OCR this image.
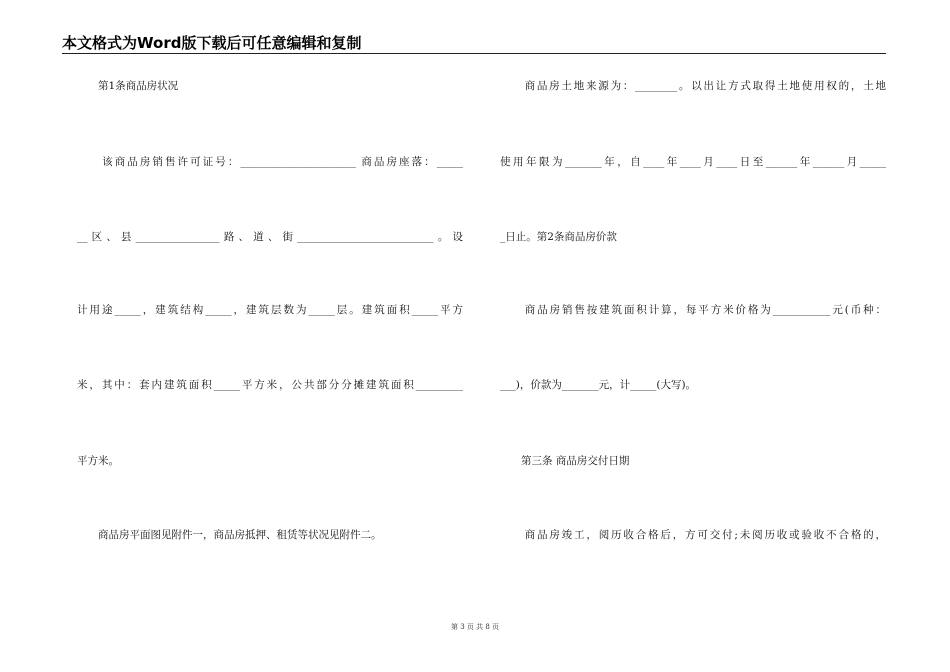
本文格式为Word版下载后可任意编辑和复制
　　第1条商品房状况
　　该商品房销售许可证号：______________________ 商品房座落：_____
__区、县________________路、道、街__________________________。设
计用途_____，建筑结构_____，建筑层数为_____层。建筑面积_____平方
米，其中：套内建筑面积_____平方米，公共部分分摊建筑面积_________
平方米。
　　商品房平面图见附件一，商品房抵押、租赁等状况见附件二。
　　商品房土地来源为：________。以出让方式取得土地使用权的，土地
使用年限为_______年，自____年____月____日至______年______月_____
_日止。第2条商品房价款
　　商品房销售按建筑面积计算，每平方米价格为___________元(币种：
___)，价款为_______元，计_____(大写)。
　　第三条 商品房交付日期
　　商品房竣工，阅历收合格后，方可交付;未阅历收或验收不合格的，
第 3 页 共 8 页
